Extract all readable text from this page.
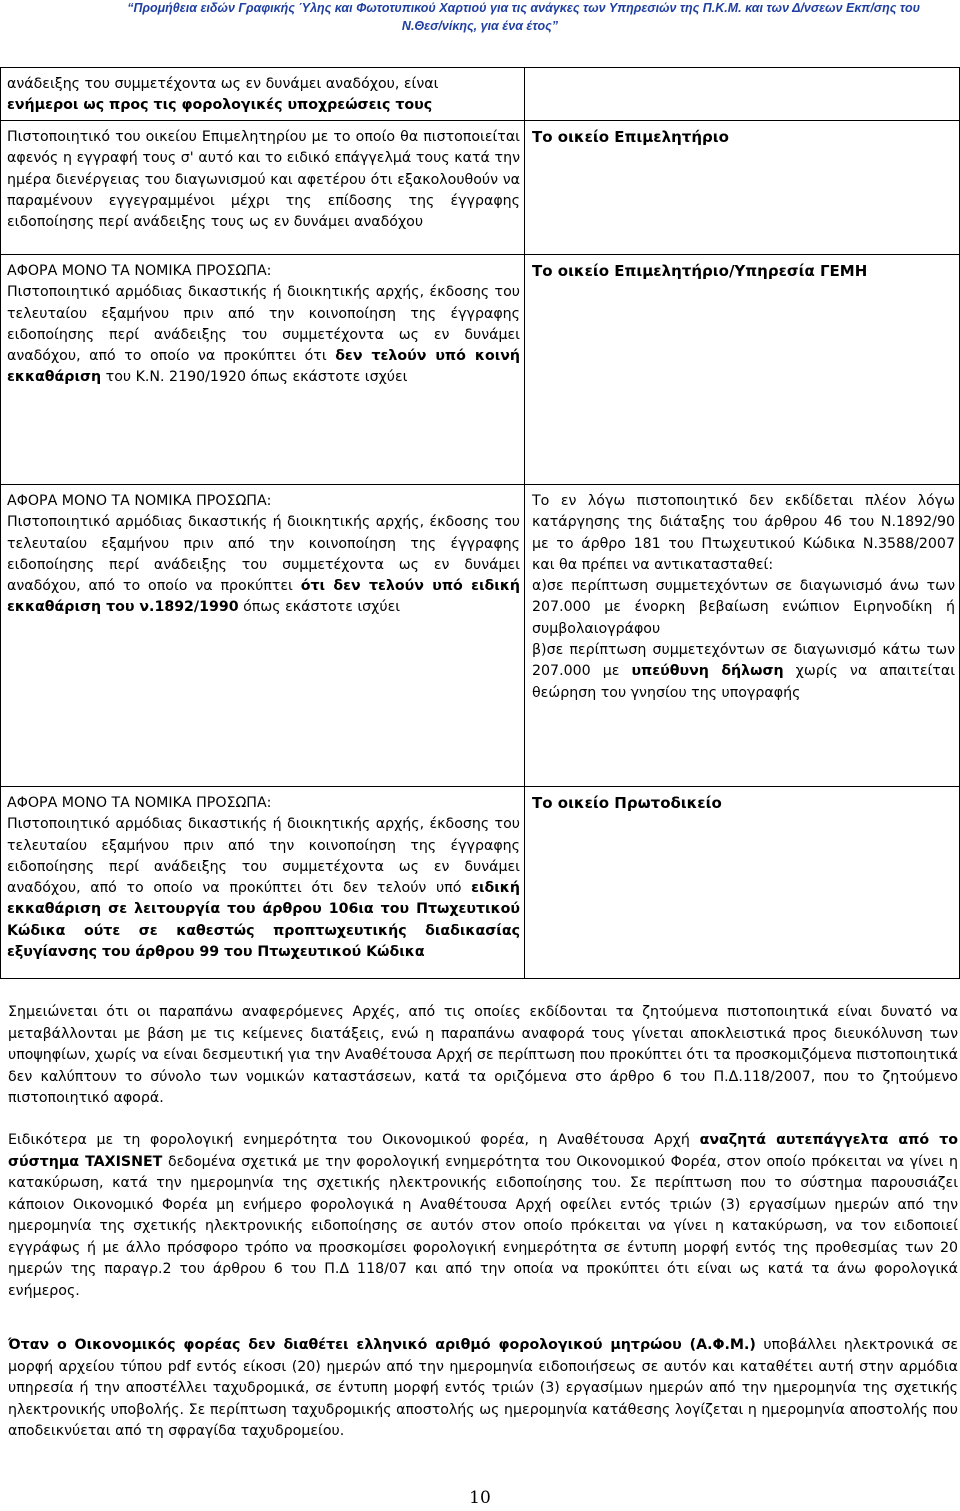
“Προμήθεια ειδών Γραφικής Ύλης και Φωτοτυπικού Χαρτιού για τις ανάγκες των Υπηρεσιών της Π.Κ.Μ. και των Δ/νσεων Εκπ/σης του
Ν.Θεσ/νίκης, για ένα έτος”
ανάδειξης του συμμετέχοντα ως εν δυνάμει αναδόχου, είναι
ενήμεροι ως προς τις φορολογικές υποχρεώσεις τους
Πιστοποιητικό του οικείου Επιμελητηρίου με το οποίο θα πιστοποιείται αφενός η εγγραφή τους σ' αυτό και το ειδικό επάγγελμά τους κατά την ημέρα διενέργειας του διαγωνισμού και αφετέρου ότι εξακολουθούν να παραμένουν εγγεγραμμένοι μέχρι της επίδοσης της έγγραφης ειδοποίησης περί ανάδειξης τους ως εν δυνάμει αναδόχου
Το οικείο Επιμελητήριο
ΑΦΟΡΑ ΜΟΝΟ ΤΑ ΝΟΜΙΚΑ ΠΡΟΣΩΠΑ:
Πιστοποιητικό αρμόδιας δικαστικής ή διοικητικής αρχής, έκδοσης του τελευταίου εξαμήνου πριν από την κοινοποίηση της έγγραφης ειδοποίησης περί ανάδειξης του συμμετέχοντα ως εν δυνάμει αναδόχου, από το οποίο να προκύπτει ότι δεν τελούν υπό κοινή εκκαθάριση του Κ.Ν. 2190/1920 όπως εκάστοτε ισχύει
Το οικείο Επιμελητήριο/Υπηρεσία ΓΕΜΗ
ΑΦΟΡΑ ΜΟΝΟ ΤΑ ΝΟΜΙΚΑ ΠΡΟΣΩΠΑ:
Πιστοποιητικό αρμόδιας δικαστικής ή διοικητικής αρχής, έκδοσης του τελευταίου εξαμήνου πριν από την κοινοποίηση της έγγραφης ειδοποίησης περί ανάδειξης του συμμετέχοντα ως εν δυνάμει αναδόχου, από το οποίο να προκύπτει ότι δεν τελούν υπό ειδική εκκαθάριση του ν.1892/1990 όπως εκάστοτε ισχύει
Το εν λόγω πιστοποιητικό δεν εκδίδεται πλέον λόγω κατάργησης της διάταξης του άρθρου 46 του Ν.1892/90 με το άρθρο 181 του Πτωχευτικού Κώδικα Ν.3588/2007 και θα πρέπει να αντικατασταθεί:
α)σε περίπτωση συμμετεχόντων σε διαγωνισμό άνω των 207.000 με ένορκη βεβαίωση ενώπιον Ειρηνοδίκη ή συμβολαιογράφου
β)σε περίπτωση συμμετεχόντων σε διαγωνισμό κάτω των 207.000 με υπεύθυνη δήλωση χωρίς να απαιτείται θεώρηση του γνησίου της υπογραφής
ΑΦΟΡΑ ΜΟΝΟ ΤΑ ΝΟΜΙΚΑ ΠΡΟΣΩΠΑ:
Πιστοποιητικό αρμόδιας δικαστικής ή διοικητικής αρχής, έκδοσης του τελευταίου εξαμήνου πριν από την κοινοποίηση της έγγραφης ειδοποίησης περί ανάδειξης του συμμετέχοντα ως εν δυνάμει αναδόχου, από το οποίο να προκύπτει ότι δεν τελούν υπό ειδική εκκαθάριση σε λειτουργία του άρθρου 106ια του Πτωχευτικού Κώδικα ούτε σε καθεστώς προπτωχευτικής διαδικασίας εξυγίανσης του άρθρου 99 του Πτωχευτικού Κώδικα
Το οικείο Πρωτοδικείο
Σημειώνεται ότι οι παραπάνω αναφερόμενες Αρχές, από τις οποίες εκδίδονται τα ζητούμενα πιστοποιητικά είναι δυνατό να μεταβάλλονται με βάση με τις κείμενες διατάξεις, ενώ η παραπάνω αναφορά τους γίνεται αποκλειστικά προς διευκόλυνση των υποψηφίων, χωρίς να είναι δεσμευτική για την Αναθέτουσα Αρχή σε περίπτωση που προκύπτει ότι τα προσκομιζόμενα πιστοποιητικά δεν καλύπτουν το σύνολο των νομικών καταστάσεων, κατά τα οριζόμενα στο άρθρο 6 του Π.Δ.118/2007, που το ζητούμενο πιστοποιητικό αφορά.
Ειδικότερα με τη φορολογική ενημερότητα του Οικονομικού φορέα, η Αναθέτουσα Αρχή αναζητά αυτεπάγγελτα από το σύστημα TAXISNET δεδομένα σχετικά με την φορολογική ενημερότητα του Οικονομικού Φορέα, στον οποίο πρόκειται να γίνει η κατακύρωση, κατά την ημερομηνία της σχετικής ηλεκτρονικής ειδοποίησης του. Σε περίπτωση που το σύστημα παρουσιάζει κάποιον Οικονομικό Φορέα μη ενήμερο φορολογικά η Αναθέτουσα Αρχή οφείλει εντός τριών (3) εργασίμων ημερών από την ημερομηνία της σχετικής ηλεκτρονικής ειδοποίησης σε αυτόν στον οποίο πρόκειται να γίνει η κατακύρωση, να τον ειδοποιεί εγγράφως ή με άλλο πρόσφορο τρόπο να προσκομίσει φορολογική ενημερότητα σε έντυπη μορφή εντός της προθεσμίας των 20 ημερών της παραγρ.2 του άρθρου 6 του Π.Δ 118/07 και από την οποία να προκύπτει ότι είναι ως κατά τα άνω φορολογικά ενήμερος.
Όταν ο Οικονομικός φορέας δεν διαθέτει ελληνικό αριθμό φορολογικού μητρώου (Α.Φ.Μ.) υποβάλλει ηλεκτρονικά σε μορφή αρχείου τύπου pdf εντός είκοσι (20) ημερών από την ημερομηνία ειδοποιήσεως σε αυτόν και καταθέτει αυτή στην αρμόδια υπηρεσία ή την αποστέλλει ταχυδρομικά, σε έντυπη μορφή εντός τριών (3) εργασίμων ημερών από την ημερομηνία της σχετικής ηλεκτρονικής υποβολής. Σε περίπτωση ταχυδρομικής αποστολής ως ημερομηνία κατάθεσης λογίζεται η ημερομηνία αποστολής που αποδεικνύεται από τη σφραγίδα ταχυδρομείου.
10
